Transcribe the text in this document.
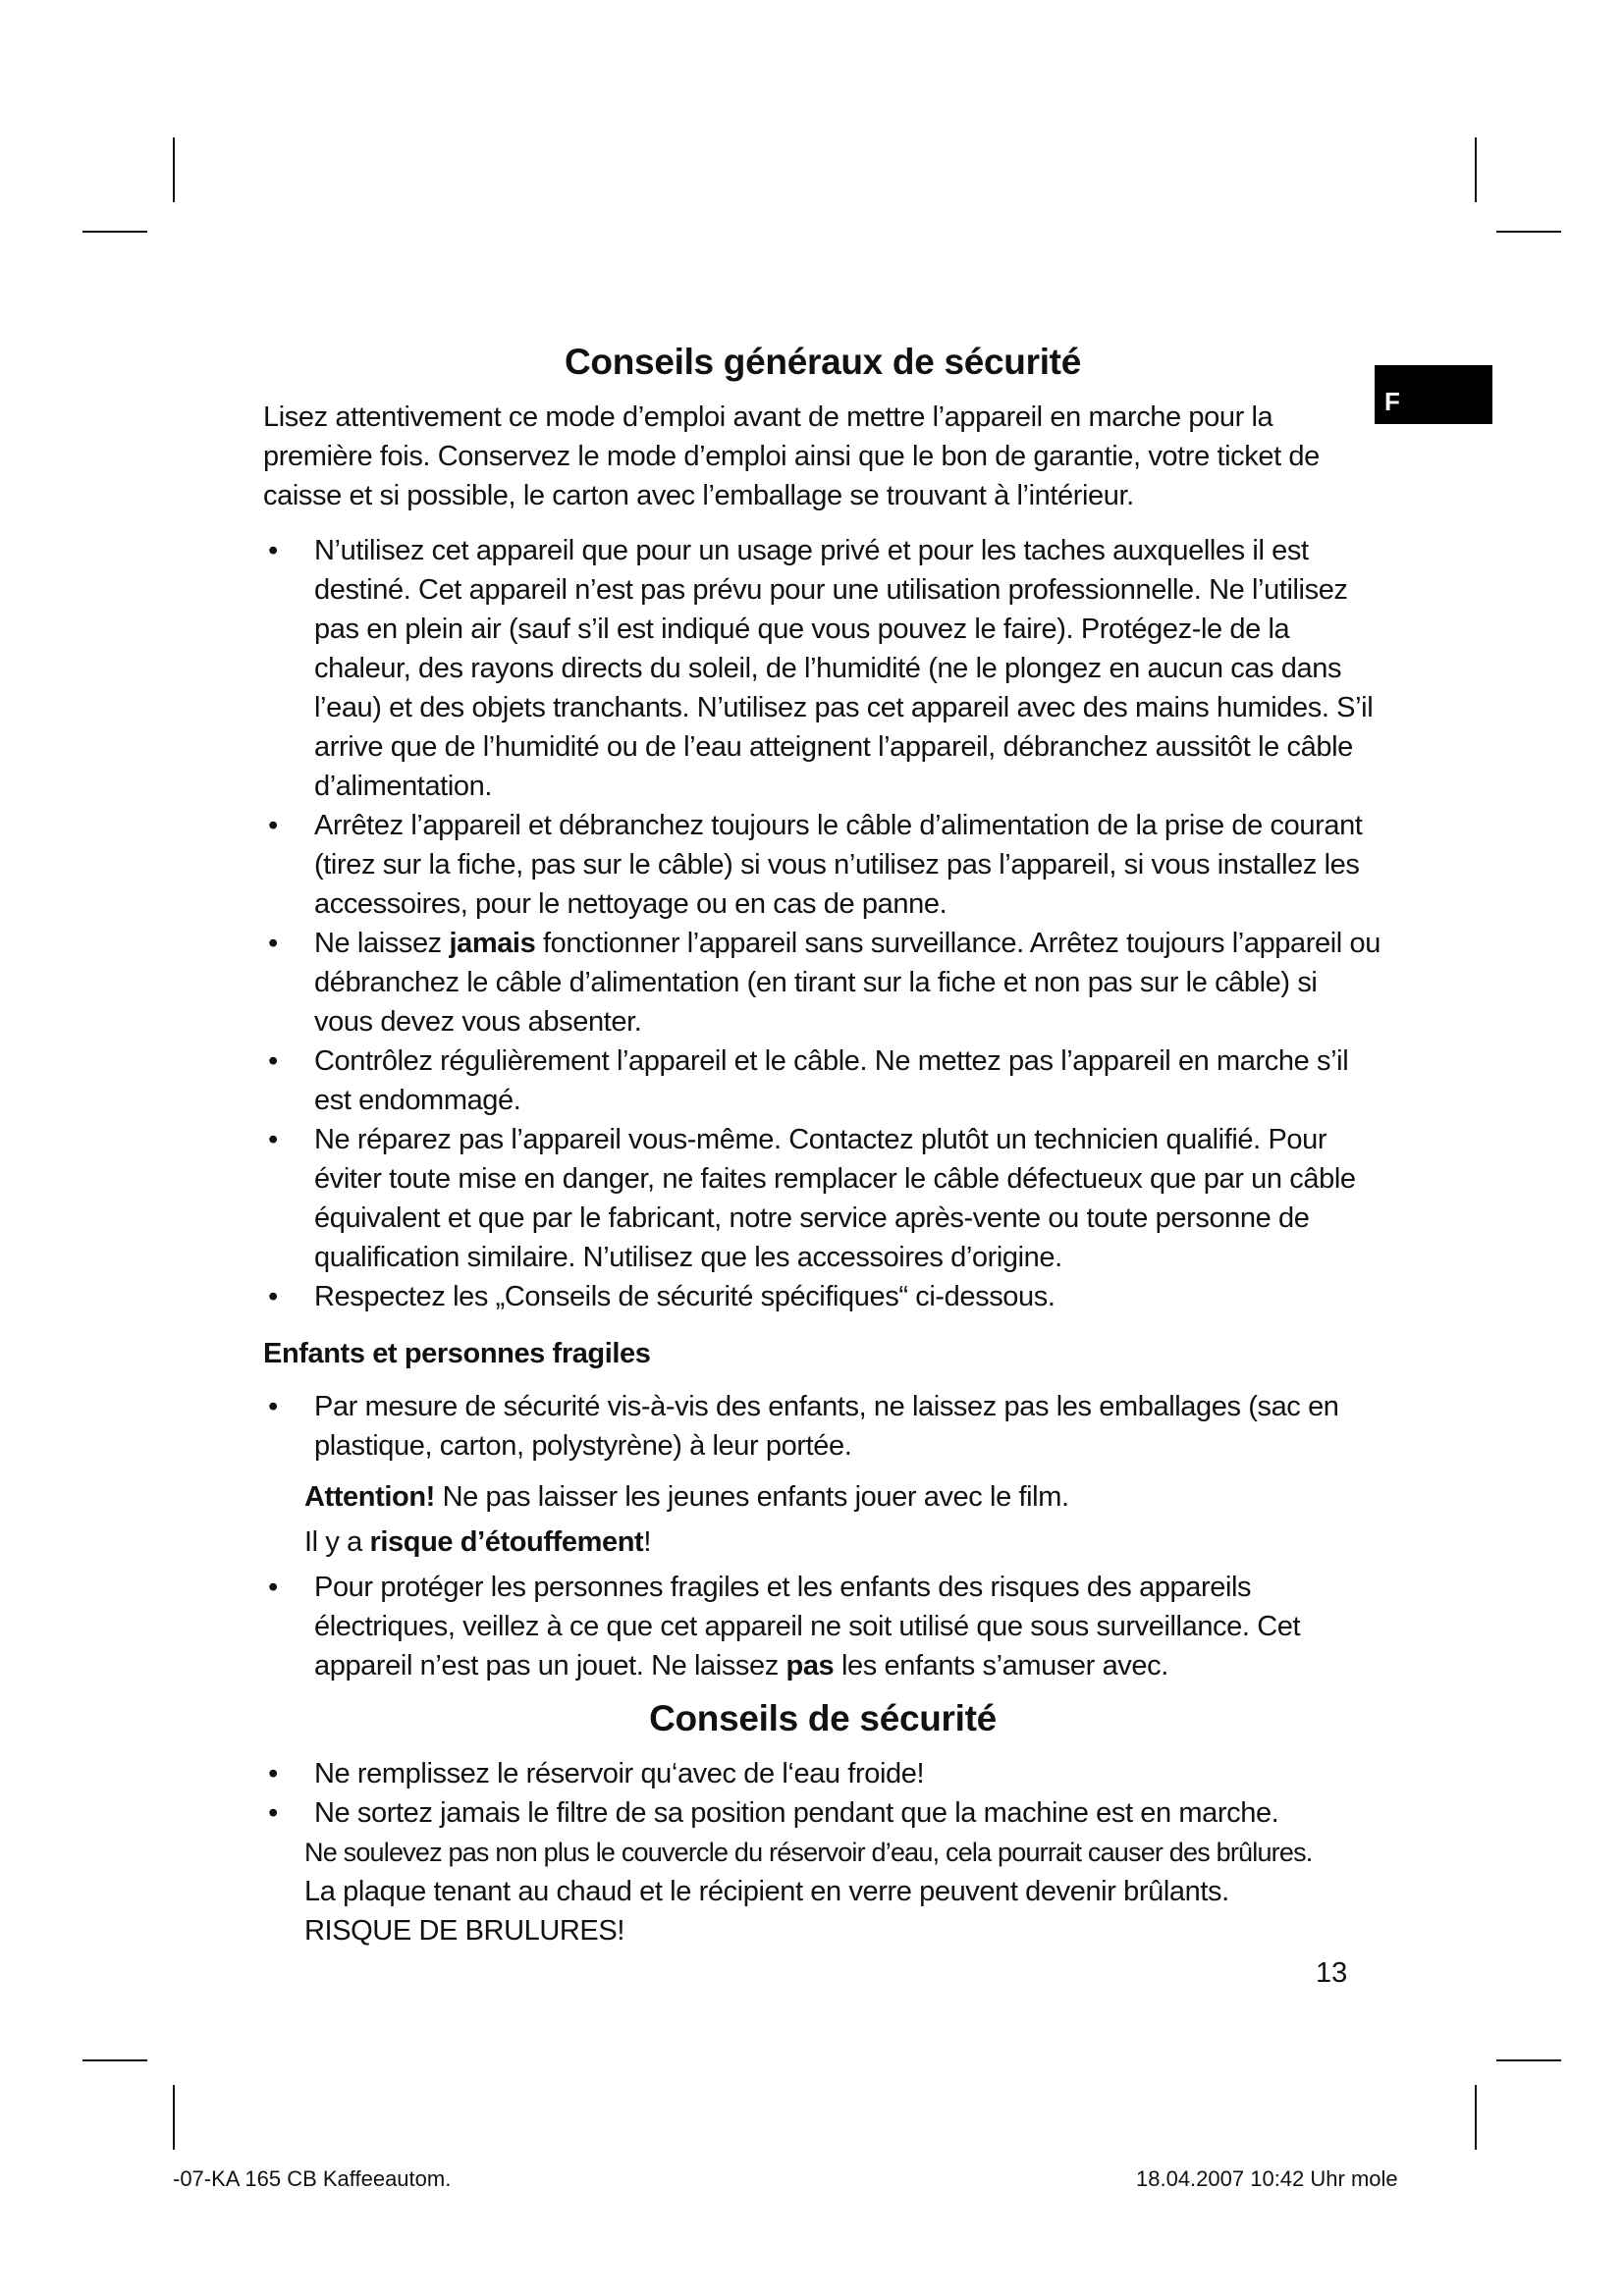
F
Conseils généraux de sécurité

Lisez attentivement ce mode d’emploi avant de mettre l’appareil en marche pour la première fois. Conservez le mode d’emploi ainsi que le bon de garantie, votre ticket de caisse et si possible, le carton avec l’emballage se trouvant à l’intérieur.

• N’utilisez cet appareil que pour un usage privé et pour les taches auxquelles il est destiné. Cet appareil n’est pas prévu pour une utilisation professionnelle. Ne l’utilisez pas en plein air (sauf s’il est indiqué que vous pouvez le faire). Protégez-le de la chaleur, des rayons directs du soleil, de l’humidité (ne le plongez en aucun cas dans l’eau) et des objets tranchants. N’utilisez pas cet appareil avec des mains humides. S’il arrive que de l’humidité ou de l’eau atteignent l’appareil, débranchez aussitôt le câble d’alimentation.
• Arrêtez l’appareil et débranchez toujours le câble d’alimentation de la prise de courant (tirez sur la fiche, pas sur le câble) si vous n’utilisez pas l’appareil, si vous installez les accessoires, pour le nettoyage ou en cas de panne.
• Ne laissez jamais fonctionner l’appareil sans surveillance. Arrêtez toujours l’appareil ou débranchez le câble d’alimentation (en tirant sur la fiche et non pas sur le câble) si vous devez vous absenter.
• Contrôlez régulièrement l’appareil et le câble. Ne mettez pas l’appareil en marche s’il est endommagé.
• Ne réparez pas l’appareil vous-même. Contactez plutôt un technicien qualifié. Pour éviter toute mise en danger, ne faites remplacer le câble défectueux que par un câble équivalent et que par le fabricant, notre service après-vente ou toute personne de qualification similaire. N’utilisez que les accessoires d’origine.
• Respectez les „Conseils de sécurité spécifiques“ ci-dessous.
Enfants et personnes fragiles
• Par mesure de sécurité vis-à-vis des enfants, ne laissez pas les emballages (sac en plastique, carton, polystyrène) à leur portée.

Attention! Ne pas laisser les jeunes enfants jouer avec le film.

Il y a risque d’étouffement!

• Pour protéger les personnes fragiles et les enfants des risques des appareils électriques, veillez à ce que cet appareil ne soit utilisé que sous surveillance. Cet appareil n’est pas un jouet. Ne laissez pas les enfants s’amuser avec.
Conseils de sécurité
• Ne remplissez le réservoir qu‘avec de l‘eau froide!
• Ne sortez jamais le filtre de sa position pendant que la machine est en marche.

Ne soulevez pas non plus le couvercle du réservoir d’eau, cela pourrait causer des brûlures.

La plaque tenant au chaud et le récipient en verre peuvent devenir brûlants.

RISQUE DE BRULURES!

13
-07-KA 165 CB Kaffeeautom.	18.04.2007 10:42 Uhr mole
